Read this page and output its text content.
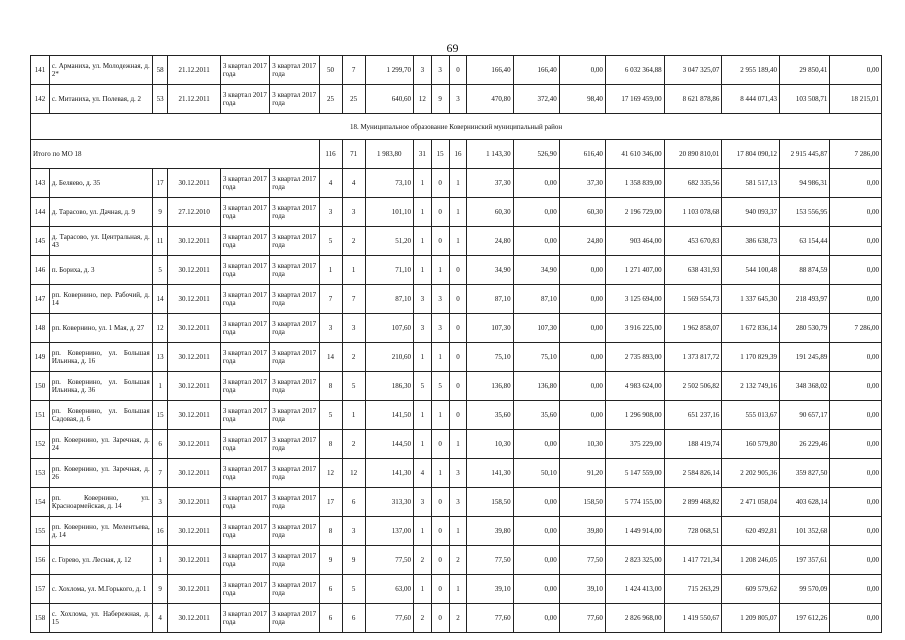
69
141	с. Арманиха, ул. Молодежная, д. 2*	58	21.12.2011	3 квартал 2017 года	3 квартал 2017 года	50	7	1 299,70	3	3	0	166,40	166,40	0,00	6 032 364,88	3 047 325,07	2 955 189,40	29 850,41	0,00
142	с. Митаниха, ул. Полевая, д. 2	53	21.12.2011	3 квартал 2017 года	3 квартал 2017 года	25	25	640,60	12	9	3	470,80	372,40	98,40	17 169 459,00	8 621 878,86	8 444 071,43	103 508,71	18 215,01
18. Муниципальное образование Ковернинский муниципальный район																			
Итого по МО 18						116	71	1 983,80	31	15	16	1 143,30	526,90	616,40	41 610 346,00	20 890 810,01	17 804 090,12	2 915 445,87	7 286,00
143	д. Беляево, д. 35	17	30.12.2011	3 квартал 2017 года	3 квартал 2017 года	4	4	73,10	1	0	1	37,30	0,00	37,30	1 358 839,00	682 335,56	581 517,13	94 986,31	0,00
144	д. Тарасово, ул. Дачная, д. 9	9	27.12.2010	3 квартал 2017 года	3 квартал 2017 года	3	3	101,10	1	0	1	60,30	0,00	60,30	2 196 729,00	1 103 078,68	940 093,37	153 556,95	0,00
145	д. Тарасово, ул. Центральная, д. 43	11	30.12.2011	3 квартал 2017 года	3 квартал 2017 года	5	2	51,20	1	0	1	24,80	0,00	24,80	903 464,00	453 670,83	386 638,73	63 154,44	0,00
146	п. Бориха, д. 3	5	30.12.2011	3 квартал 2017 года	3 квартал 2017 года	1	1	71,10	1	1	0	34,90	34,90	0,00	1 271 407,00	638 431,93	544 100,48	88 874,59	0,00
147	рп. Ковернино, пер. Рабочий, д. 14	14	30.12.2011	3 квартал 2017 года	3 квартал 2017 года	7	7	87,10	3	3	0	87,10	87,10	0,00	3 125 694,00	1 569 554,73	1 337 645,30	218 493,97	0,00
148	рп. Ковернино, ул. 1 Мая, д. 27	12	30.12.2011	3 квартал 2017 года	3 квартал 2017 года	3	3	107,60	3	3	0	107,30	107,30	0,00	3 916 225,00	1 962 858,07	1 672 836,14	280 530,79	7 286,00
149	рп. Ковернино, ул. Большая Ильинка, д. 16	13	30.12.2011	3 квартал 2017 года	3 квартал 2017 года	14	2	210,60	1	1	0	75,10	75,10	0,00	2 735 893,00	1 373 817,72	1 170 829,39	191 245,89	0,00
150	рп. Ковернино, ул. Большая Ильинка, д. 36	1	30.12.2011	3 квартал 2017 года	3 квартал 2017 года	8	5	186,30	5	5	0	136,80	136,80	0,00	4 983 624,00	2 502 506,82	2 132 749,16	348 368,02	0,00
151	рп. Ковернино, ул. Большая Садовая, д. 6	15	30.12.2011	3 квартал 2017 года	3 квартал 2017 года	5	1	141,50	1	1	0	35,60	35,60	0,00	1 296 908,00	651 237,16	555 013,67	90 657,17	0,00
152	рп. Ковернино, ул. Заречная, д. 24	6	30.12.2011	3 квартал 2017 года	3 квартал 2017 года	8	2	144,50	1	0	1	10,30	0,00	10,30	375 229,00	188 419,74	160 579,80	26 229,46	0,00
153	рп. Ковернино, ул. Заречная, д. 26	7	30.12.2011	3 квартал 2017 года	3 квартал 2017 года	12	12	141,30	4	1	3	141,30	50,10	91,20	5 147 559,00	2 584 826,14	2 202 905,36	359 827,50	0,00
154	рп. Ковернино, ул. Красноармейская, д. 14	3	30.12.2011	3 квартал 2017 года	3 квартал 2017 года	17	6	313,30	3	0	3	158,50	0,00	158,50	5 774 155,00	2 899 468,82	2 471 058,04	403 628,14	0,00
155	рп. Ковернино, ул. Мелентьева, д. 14	16	30.12.2011	3 квартал 2017 года	3 квартал 2017 года	8	3	137,00	1	0	1	39,80	0,00	39,80	1 449 914,00	728 068,51	620 492,81	101 352,68	0,00
156	с. Горево, ул. Лесная, д. 12	1	30.12.2011	3 квартал 2017 года	3 квартал 2017 года	9	9	77,50	2	0	2	77,50	0,00	77,50	2 823 325,00	1 417 721,34	1 208 246,05	197 357,61	0,00
157	с. Хохлома, ул. М.Горького, д. 1	9	30.12.2011	3 квартал 2017 года	3 квартал 2017 года	6	5	63,00	1	0	1	39,10	0,00	39,10	1 424 413,00	715 263,29	609 579,62	99 570,09	0,00
158	с. Хохлома, ул. Набережная, д. 15	4	30.12.2011	3 квартал 2017 года	3 квартал 2017 года	6	6	77,60	2	0	2	77,60	0,00	77,60	2 826 968,00	1 419 550,67	1 209 805,07	197 612,26	0,00
